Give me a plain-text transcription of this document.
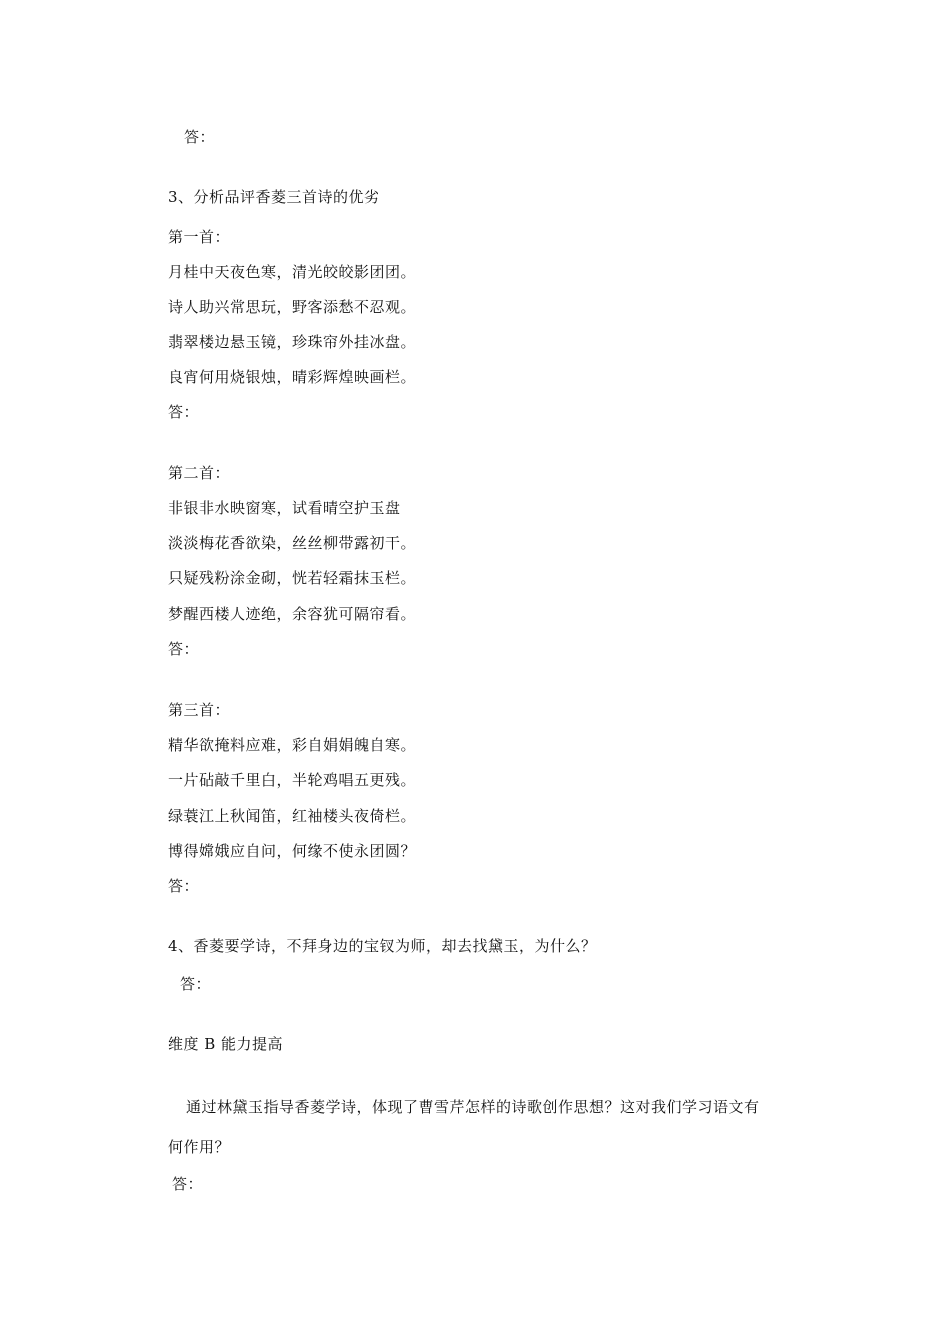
答：
3、分析品评香菱三首诗的优劣
第一首：
月桂中天夜色寒，清光皎皎影团团。
诗人助兴常思玩，野客添愁不忍观。
翡翠楼边悬玉镜，珍珠帘外挂冰盘。
良宵何用烧银烛，晴彩辉煌映画栏。
答：
第二首：
非银非水映窗寒，试看晴空护玉盘
淡淡梅花香欲染，丝丝柳带露初干。
只疑残粉涂金砌，恍若轻霜抹玉栏。
梦醒西楼人迹绝，余容犹可隔帘看。
答：
第三首：
精华欲掩料应难，彩自娟娟魄自寒。
一片砧敲千里白，半轮鸡唱五更残。
绿蓑江上秋闻笛，红袖楼头夜倚栏。
博得嫦娥应自问，何缘不使永团圆？
答：
4、香菱要学诗，不拜身边的宝钗为师，却去找黛玉，为什么？
答：
维度 B 能力提高
通过林黛玉指导香菱学诗，体现了曹雪芹怎样的诗歌创作思想？这对我们学习语文有
何作用？
答：
